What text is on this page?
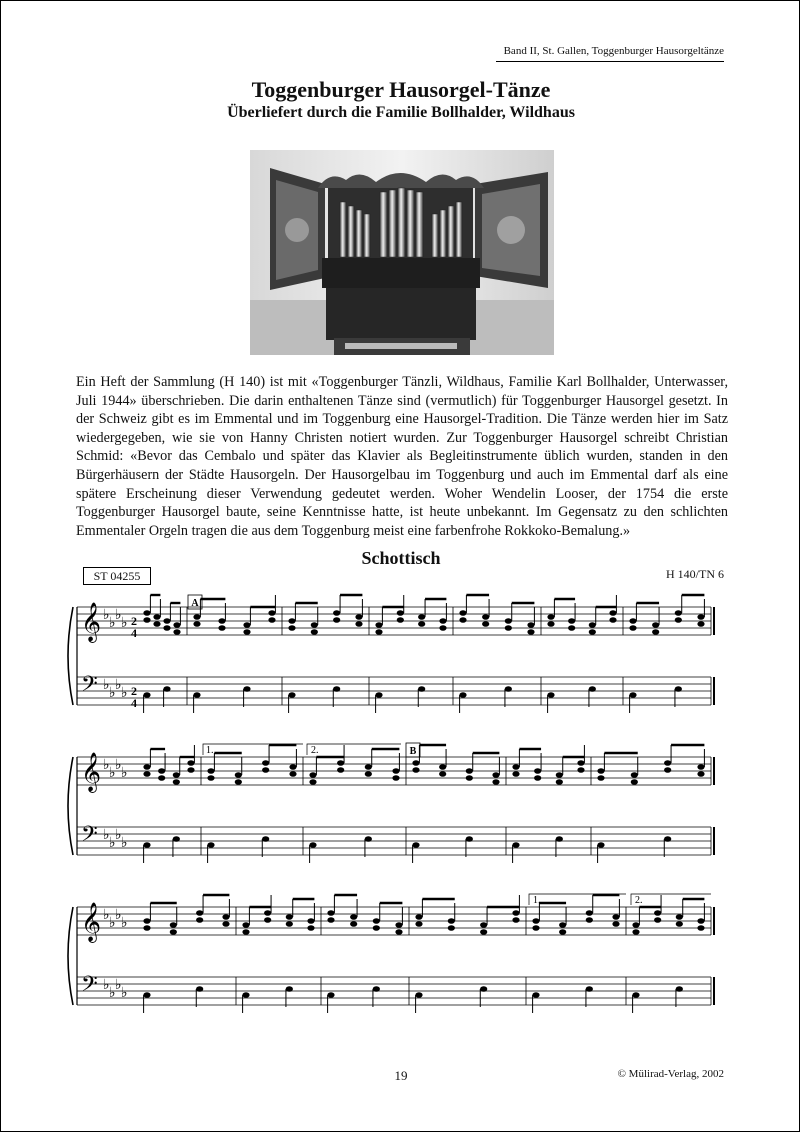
Band II, St. Gallen, Toggenburger Hausorgeltänze
Toggenburger Hausorgel-Tänze
Überliefert durch die Familie Bollhalder, Wildhaus
Ein Heft der Sammlung (H 140) ist mit «Toggenburger Tänzli, Wildhaus, Familie Karl Bollhalder, Unterwasser, Juli 1944» überschrieben. Die darin enthaltenen Tänze sind (vermutlich) für Toggenburger Hausorgel gesetzt. In der Schweiz gibt es im Emmental und im Toggenburg eine Hausorgel-Tradition. Die Tänze werden hier im Satz wiedergegeben, wie sie von Hanny Christen notiert wurden. Zur Toggenburger Hausorgel schreibt Christian Schmid: «Bevor das Cembalo und später das Klavier als Begleitinstrumente üblich wurden, standen in den Bürgerhäusern der Städte Hausorgeln. Der Hausorgelbau im Toggenburg und auch im Emmental darf als eine spätere Erscheinung dieser Verwendung gedeutet werden. Woher Wendelin Looser, der 1754 die erste Toggenburger Hausorgel baute, seine Kenntnisse hatte, ist heute unbekannt. Im Gegensatz zu den schlichten Emmentaler Orgeln tragen die aus dem Toggenburg meist eine farbenfrohe Rokkoko-Bemalung.»
Schottisch
ST 04255	H 140/TN 6
𝄞 ♭ ♭ ♭ ♭
𝄢 ♭ ♭ ♭ ♭
𝄞 ♭ ♭ ♭ ♭
𝄢 ♭ ♭ ♭ ♭
𝄞 ♭ ♭ ♭ ♭
𝄢 ♭ ♭ ♭ ♭
A
B
2
4
2
4
1.	2.
1.	2.
19	© Mülirad-Verlag, 2002
